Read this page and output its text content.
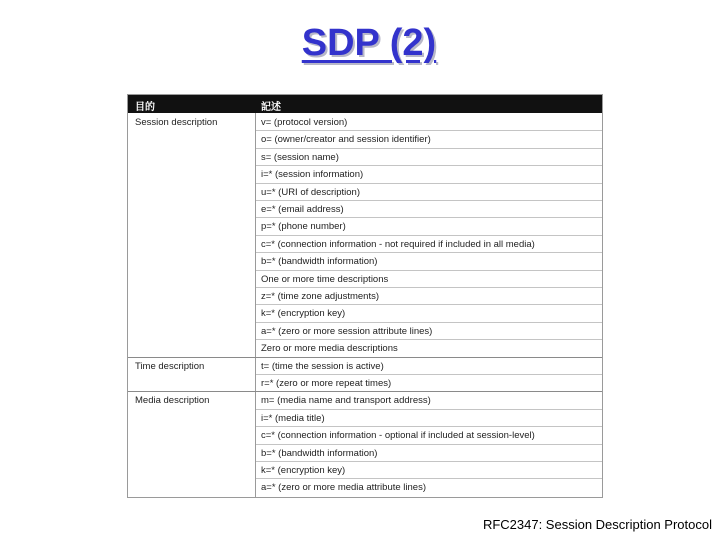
SDP (2)
目的	記述
Session description	v= (protocol version)
o= (owner/creator and session identifier)
s= (session name)
i=* (session information)
u=* (URI of description)
e=* (email address)
p=* (phone number)
c=* (connection information - not required if included in all media)
b=* (bandwidth information)
One or more time descriptions
z=* (time zone adjustments)
k=* (encryption key)
a=* (zero or more session attribute lines)
Zero or more media descriptions
Time description	t= (time the session is active)
r=* (zero or more repeat times)
Media description	m= (media name and transport address)
i=* (media title)
c=* (connection information - optional if included at session-level)
b=* (bandwidth information)
k=* (encryption key)
a=* (zero or more media attribute lines)
RFC2347: Session Description Protocol
